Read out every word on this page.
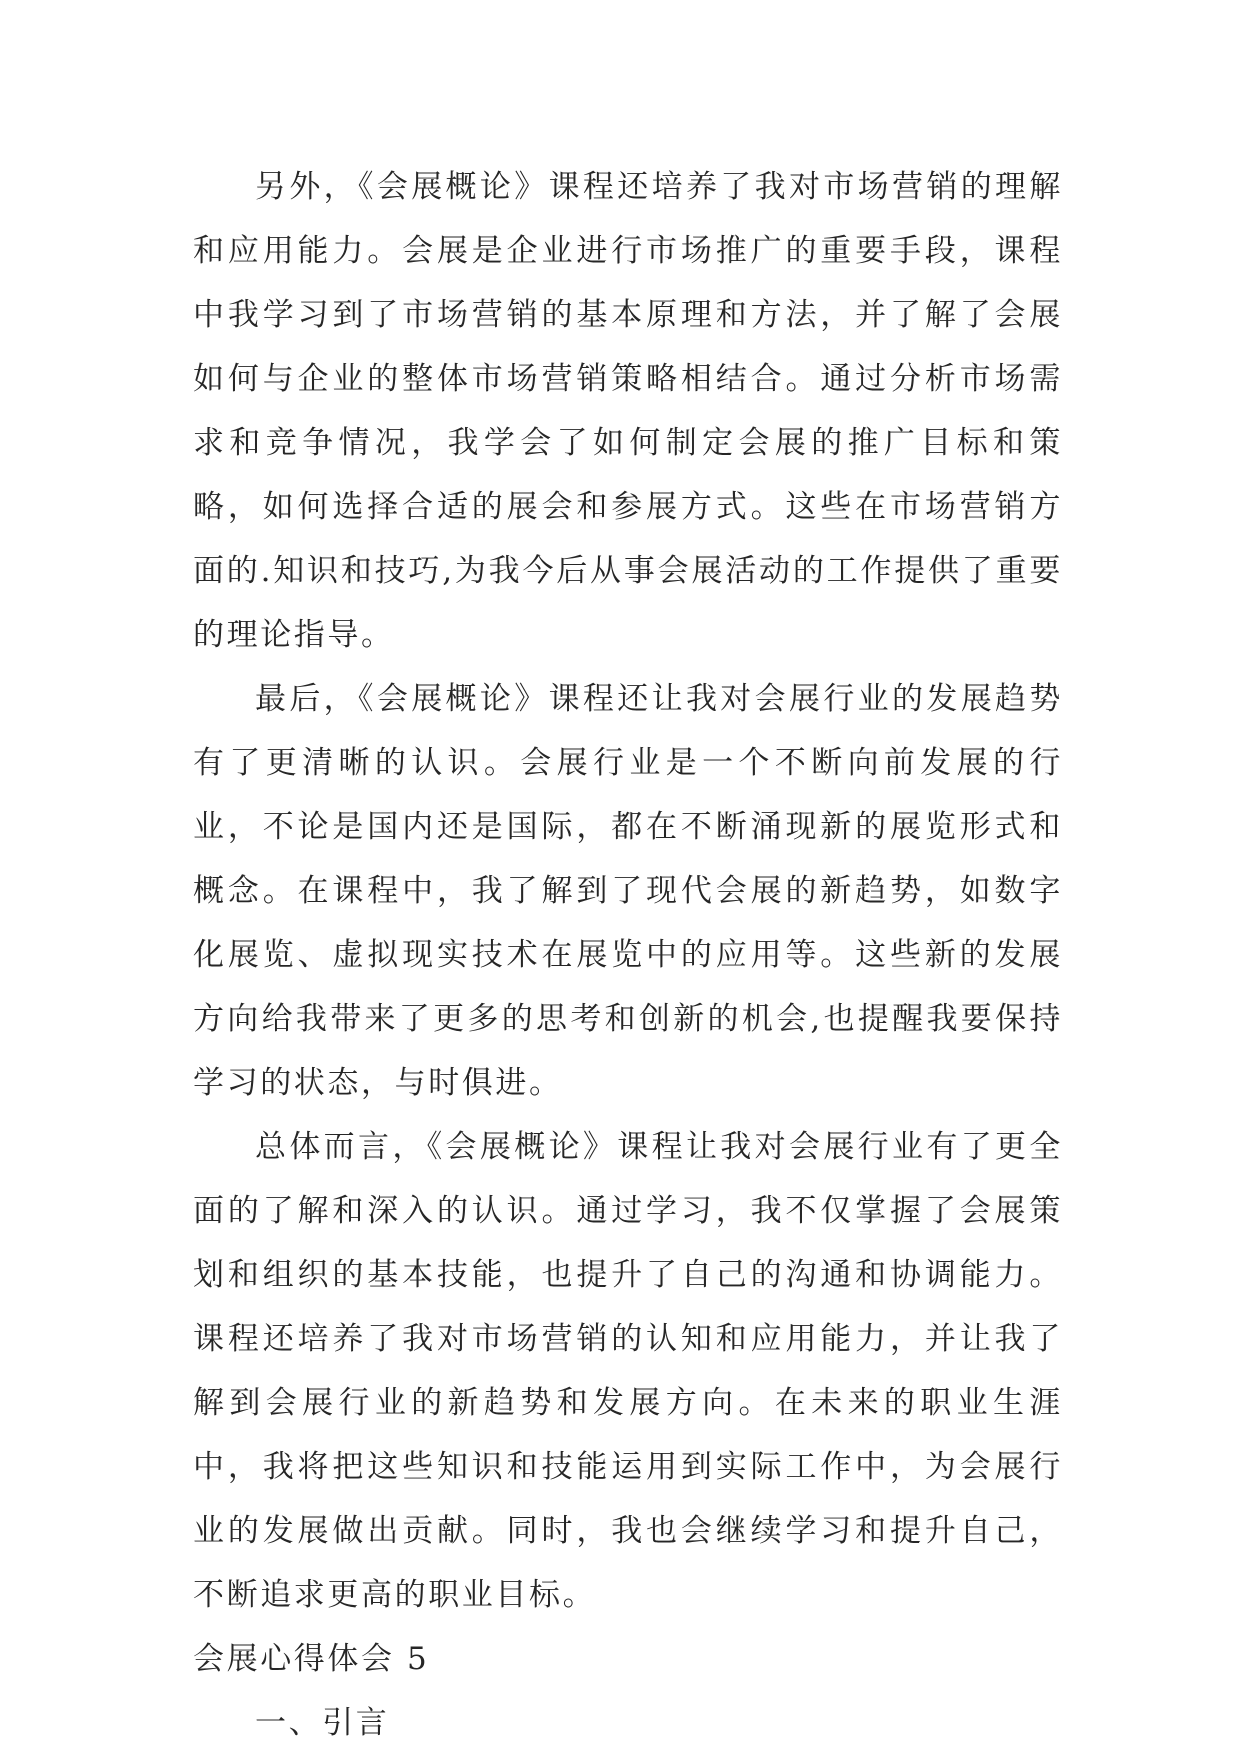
另外，《会展概论》课程还培养了我对市场营销的理解和应用能力。会展是企业进行市场推广的重要手段，课程中我学习到了市场营销的基本原理和方法，并了解了会展如何与企业的整体市场营销策略相结合。通过分析市场需求和竞争情况，我学会了如何制定会展的推广目标和策略，如何选择合适的展会和参展方式。这些在市场营销方面的.知识和技巧,为我今后从事会展活动的工作提供了重要的理论指导。

最后，《会展概论》课程还让我对会展行业的发展趋势有了更清晰的认识。会展行业是一个不断向前发展的行业，不论是国内还是国际，都在不断涌现新的展览形式和概念。在课程中，我了解到了现代会展的新趋势，如数字化展览、虚拟现实技术在展览中的应用等。这些新的发展方向给我带来了更多的思考和创新的机会,也提醒我要保持学习的状态，与时俱进。

总体而言，《会展概论》课程让我对会展行业有了更全面的了解和深入的认识。通过学习，我不仅掌握了会展策划和组织的基本技能，也提升了自己的沟通和协调能力。课程还培养了我对市场营销的认知和应用能力，并让我了解到会展行业的新趋势和发展方向。在未来的职业生涯中，我将把这些知识和技能运用到实际工作中，为会展行业的发展做出贡献。同时，我也会继续学习和提升自己，不断追求更高的职业目标。

会展心得体会 5

一、引言
